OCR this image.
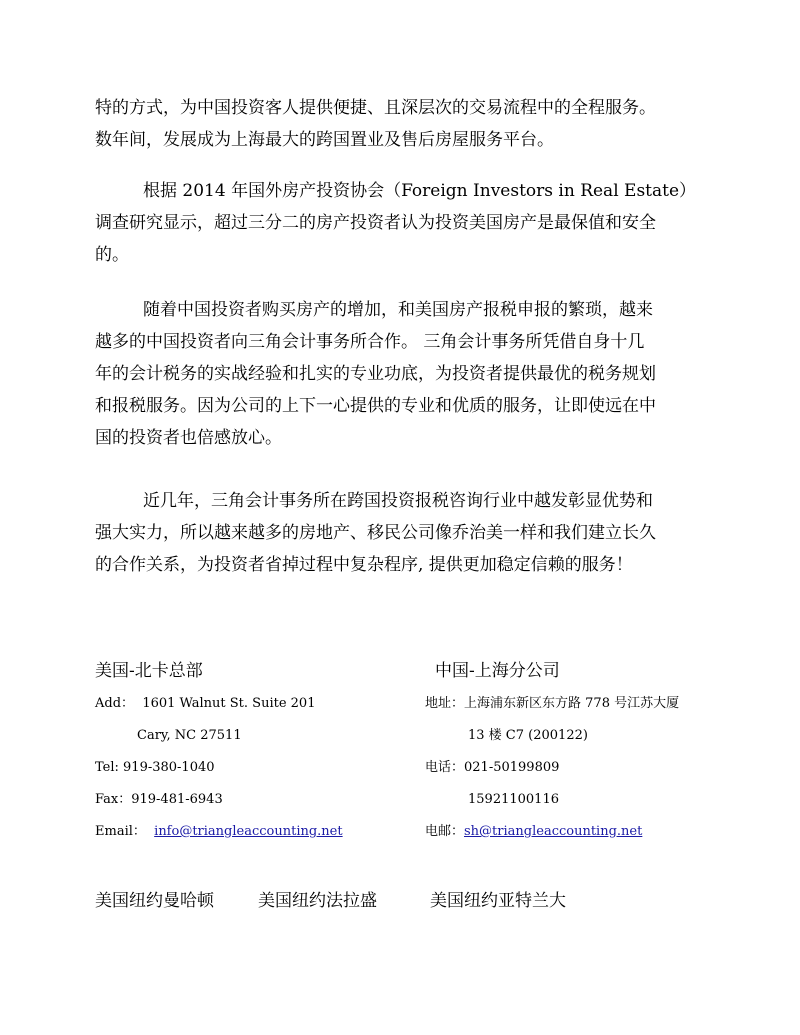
特的方式，为中国投资客人提供便捷、且深层次的交易流程中的全程服务。
数年间，发展成为上海最大的跨国置业及售后房屋服务平台。
根据 2014 年国外房产投资协会（Foreign Investors in Real Estate）
调查研究显示，超过三分二的房产投资者认为投资美国房产是最保值和安全
的。
随着中国投资者购买房产的增加，和美国房产报税申报的繁琐，越来
越多的中国投资者向三角会计事务所合作。 三角会计事务所凭借自身十几
年的会计税务的实战经验和扎实的专业功底，为投资者提供最优的税务规划
和报税服务。因为公司的上下一心提供的专业和优质的服务，让即使远在中
国的投资者也倍感放心。
近几年，三角会计事务所在跨国投资报税咨询行业中越发彰显优势和
强大实力，所以越来越多的房地产、移民公司像乔治美一样和我们建立长久
的合作关系，为投资者省掉过程中复杂程序, 提供更加稳定信赖的服务！
美国-北卡总部
Add： 1601 Walnut St. Suite 201
Cary, NC 27511
Tel: 919-380-1040
Fax：919-481-6943
Email： info@triangleaccounting.net
中国-上海分公司
地址：上海浦东新区东方路 778 号江苏大厦
13 楼 C7 (200122)
电话：021-50199809
15921100116
电邮：sh@triangleaccounting.net
美国纽约曼哈顿	美国纽约法拉盛	美国纽约亚特兰大
